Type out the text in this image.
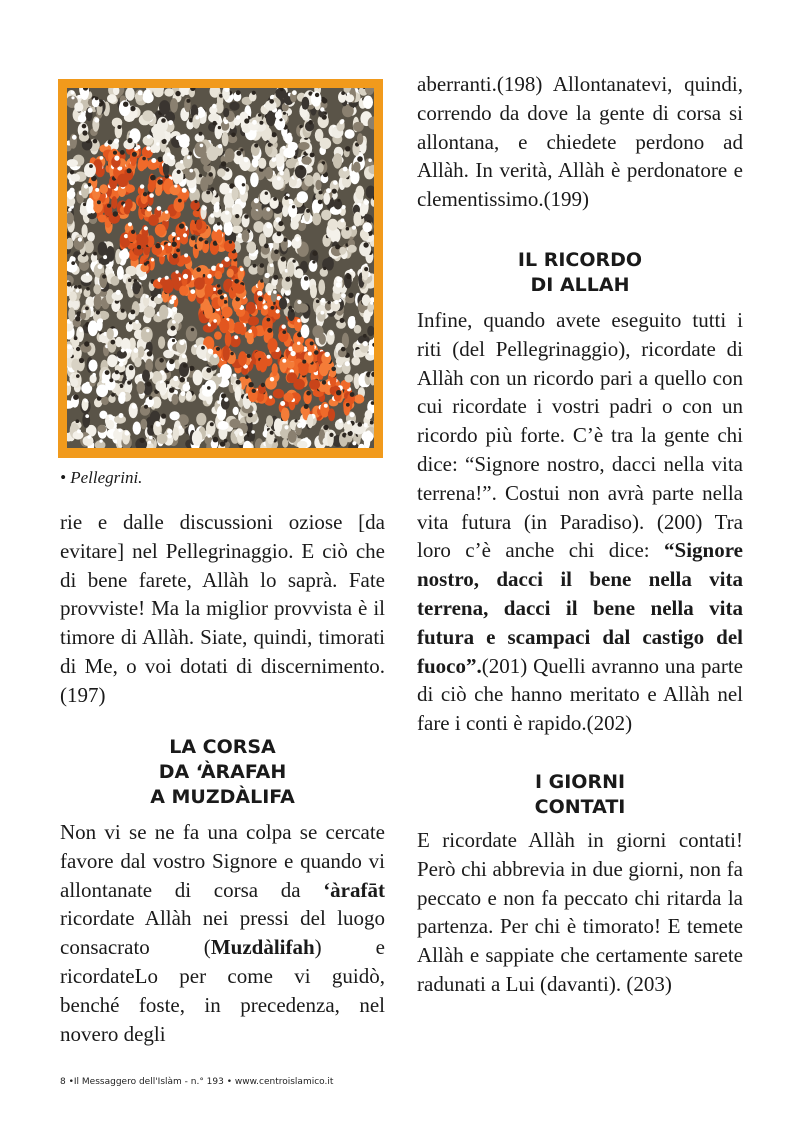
• Pellegrini.

rie e dalle discussioni oziose [da evitare] nel Pellegrinaggio. E ciò che di bene farete, Allàh lo saprà. Fate provviste! Ma la miglior provvista è il timore di Allàh. Siate, quindi, timorati di Me, o voi dotati di discernimento.(197)

LA CORSA
DA ‘ÀRAFAH
A MUZDÀLIFA

Non vi se ne fa una colpa se cercate favore dal vostro Signore e quando vi allontanate di corsa da ‘àrafāt ricordate Allàh nei pressi del luogo consacrato (Muzdàlifah) e ricordateLo per come vi guidò, benché foste, in precedenza, nel novero degli

aberranti.(198) Allontanatevi, quindi, correndo da dove la gente di corsa si allontana, e chiedete perdono ad Allàh. In verità, Allàh è perdonatore e clementissimo.(199)

IL RICORDO
DI ALLAH

Infine, quando avete eseguito tutti i riti (del Pellegrinaggio), ricordate di Allàh con un ricordo pari a quello con cui ricordate i vostri padri o con un ricordo più forte. C’è tra la gente chi dice: “Signore nostro, dacci nella vita terrena!”. Costui non avrà parte nella vita futura (in Paradiso). (200) Tra loro c’è anche chi dice: “Signore nostro, dacci il bene nella vita terrena, dacci il bene nella vita futura e scampaci dal castigo del fuoco”.(201) Quelli avranno una parte di ciò che hanno meritato e Allàh nel fare i conti è rapido.(202)

I GIORNI
CONTATI

E ricordate Allàh in giorni contati! Però chi abbrevia in due giorni, non fa peccato e non fa peccato chi ritarda la partenza. Per chi è timorato! E temete Allàh e sappiate che certamente sarete radunati a Lui (davanti). (203)

8 •Il Messaggero dell'Islàm - n.° 193 • www.centroislamico.it
